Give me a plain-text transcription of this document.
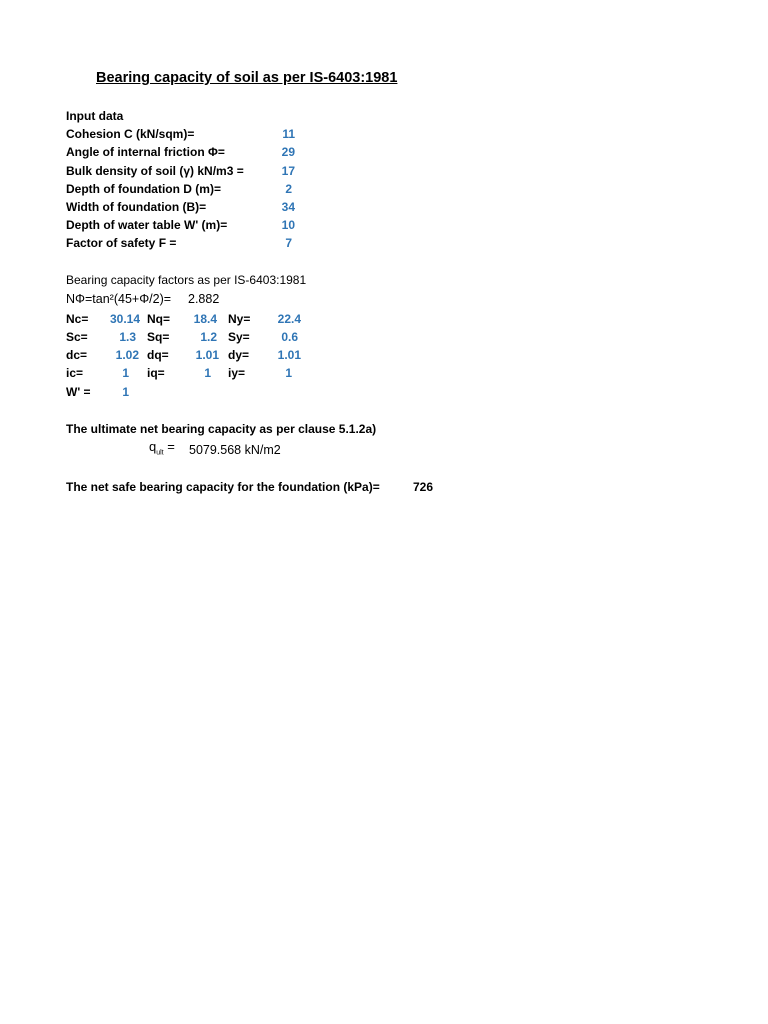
Bearing capacity of soil as per IS-6403:1981
Input data
Cohesion C (kN/sqm)=	11
Angle of internal friction Φ=	29
Bulk density of soil (γ) kN/m3 =	17
Depth of foundation D (m)=	2
Width of foundation (B)=	34
Depth of water table W' (m)=	10
Factor of safety F =	7
Bearing capacity factors as per IS-6403:1981
NΦ=tan²(45+Φ/2)= 2.882
Nc=	30.14 Nq=	18.4 Ny=	22.4
Sc=	1.3 Sq=	1.2 Sy=	0.6
dc=	1.02 dq=	1.01 dy=	1.01
ic=	1 iq=	1 iy=	1
W' =	1
The ultimate net bearing capacity as per clause 5.1.2a)
$q_{ult} = 5079.568$ kN/m2
The net safe bearing capacity for the foundation (kPa)=	726
